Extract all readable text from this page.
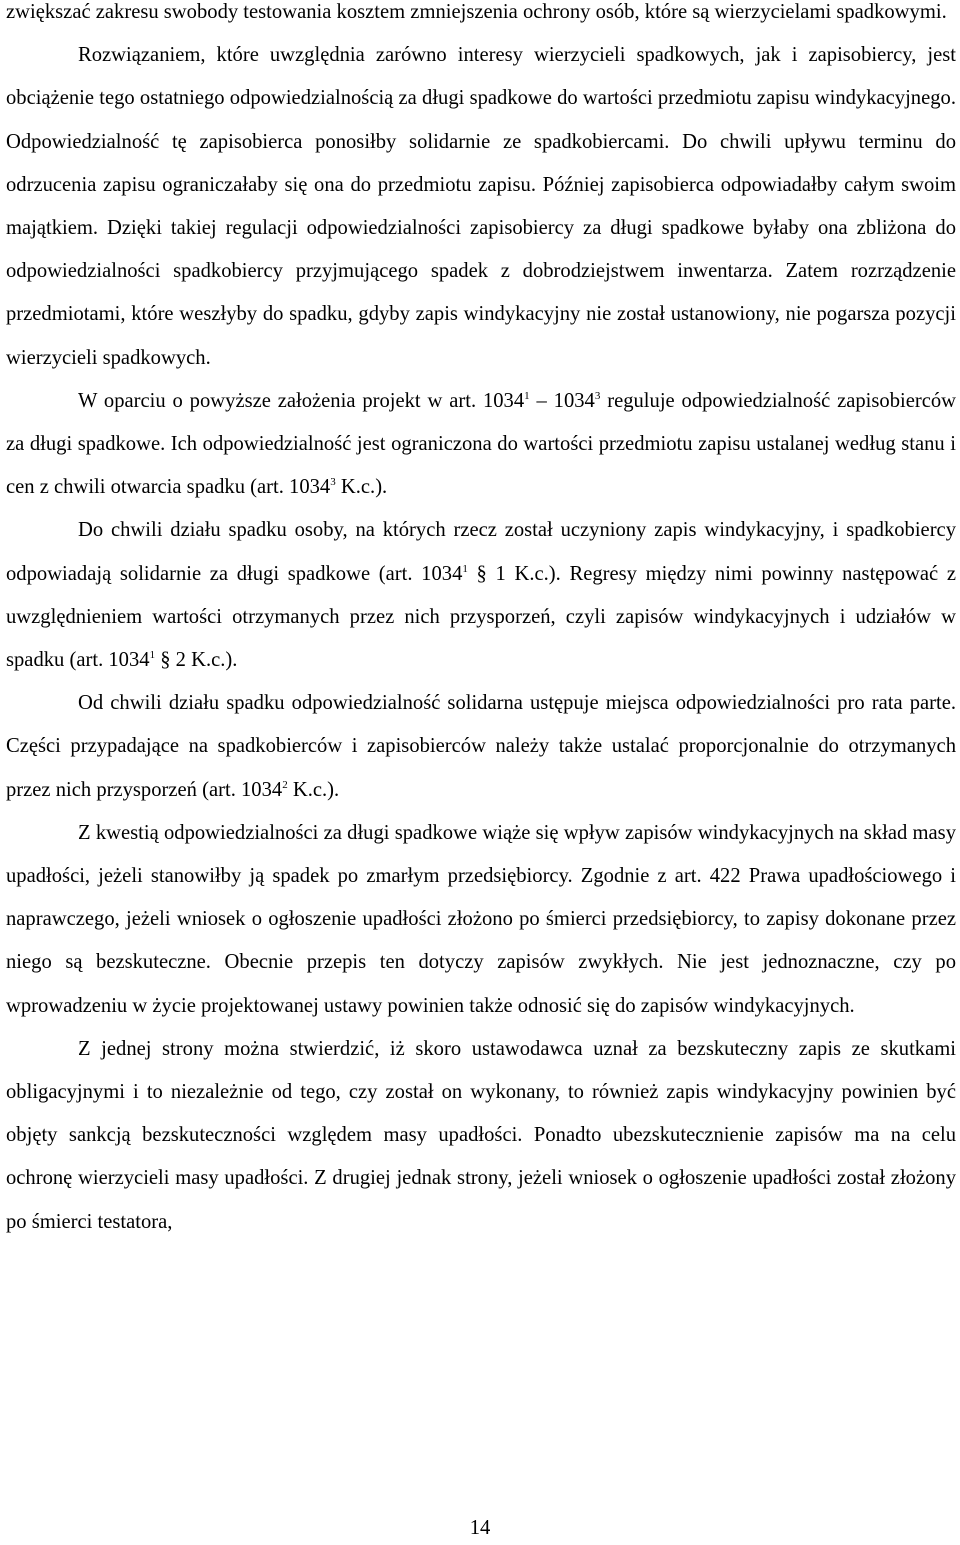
zwiększać zakresu swobody testowania kosztem zmniejszenia ochrony osób, które są wierzycielami spadkowymi.

Rozwiązaniem, które uwzględnia zarówno interesy wierzycieli spadkowych, jak i zapisobiercy, jest obciążenie tego ostatniego odpowiedzialnością za długi spadkowe do wartości przedmiotu zapisu windykacyjnego. Odpowiedzialność tę zapisobierca ponosiłby solidarnie ze spadkobiercami. Do chwili upływu terminu do odrzucenia zapisu ograniczałaby się ona do przedmiotu zapisu. Później zapisobierca odpowiadałby całym swoim majątkiem. Dzięki takiej regulacji odpowiedzialności zapisobiercy za długi spadkowe byłaby ona zbliżona do odpowiedzialności spadkobiercy przyjmującego spadek z dobrodziejstwem inwentarza. Zatem rozrządzenie przedmiotami, które weszłyby do spadku, gdyby zapis windykacyjny nie został ustanowiony, nie pogarsza pozycji wierzycieli spadkowych.

W oparciu o powyższe założenia projekt w art. 1034$^1$ – 1034$^3$ reguluje odpowiedzialność zapisobierców za długi spadkowe. Ich odpowiedzialność jest ograniczona do wartości przedmiotu zapisu ustalanej według stanu i cen z chwili otwarcia spadku (art. 1034$^3$ K.c.).

Do chwili działu spadku osoby, na których rzecz został uczyniony zapis windykacyjny, i spadkobiercy odpowiadają solidarnie za długi spadkowe (art. 1034$^1$ § 1 K.c.). Regresy między nimi powinny następować z uwzględnieniem wartości otrzymanych przez nich przysporzeń, czyli zapisów windykacyjnych i udziałów w spadku (art. 1034$^1$ § 2 K.c.).

Od chwili działu spadku odpowiedzialność solidarna ustępuje miejsca odpowiedzialności pro rata parte. Części przypadające na spadkobierców i zapisobierców należy także ustalać proporcjonalnie do otrzymanych przez nich przysporzeń (art. 1034$^2$ K.c.).

Z kwestią odpowiedzialności za długi spadkowe wiąże się wpływ zapisów windykacyjnych na skład masy upadłości, jeżeli stanowiłby ją spadek po zmarłym przedsiębiorcy. Zgodnie z art. 422 Prawa upadłościowego i naprawczego, jeżeli wniosek o ogłoszenie upadłości złożono po śmierci przedsiębiorcy, to zapisy dokonane przez niego są bezskuteczne. Obecnie przepis ten dotyczy zapisów zwykłych. Nie jest jednoznaczne, czy po wprowadzeniu w życie projektowanej ustawy powinien także odnosić się do zapisów windykacyjnych.

Z jednej strony można stwierdzić, iż skoro ustawodawca uznał za bezskuteczny zapis ze skutkami obligacyjnymi i to niezależnie od tego, czy został on wykonany, to również zapis windykacyjny powinien być objęty sankcją bezskuteczności względem masy upadłości. Ponadto ubezskutecznienie zapisów ma na celu ochronę wierzycieli masy upadłości. Z drugiej jednak strony, jeżeli wniosek o ogłoszenie upadłości został złożony po śmierci testatora,

14
